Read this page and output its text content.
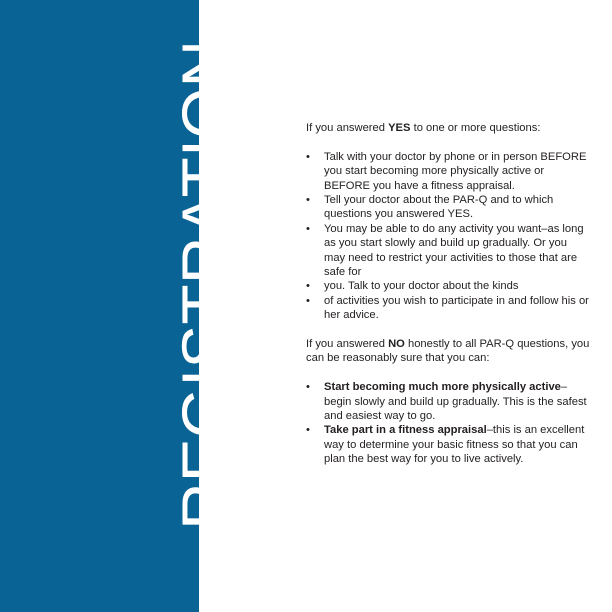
REGISTRATION	If you answered YES to one or more questions:

• Talk with your doctor by phone or in person BEFORE you start becoming more physically active or BEFORE you have a fitness appraisal.
• Tell your doctor about the PAR-Q and to which questions you answered YES.
• You may be able to do any activity you want–as long as you start slowly and build up gradually. Or you may need to restrict your activities to those that are safe for
• you. Talk to your doctor about the kinds
• of activities you wish to participate in and follow his or her advice.

If you answered NO honestly to all PAR-Q questions, you can be reasonably sure that you can:

• Start becoming much more physically active–begin slowly and build up gradually. This is the safest and easiest way to go.
• Take part in a fitness appraisal–this is an excellent way to determine your basic fitness so that you can plan the best way for you to live actively.
